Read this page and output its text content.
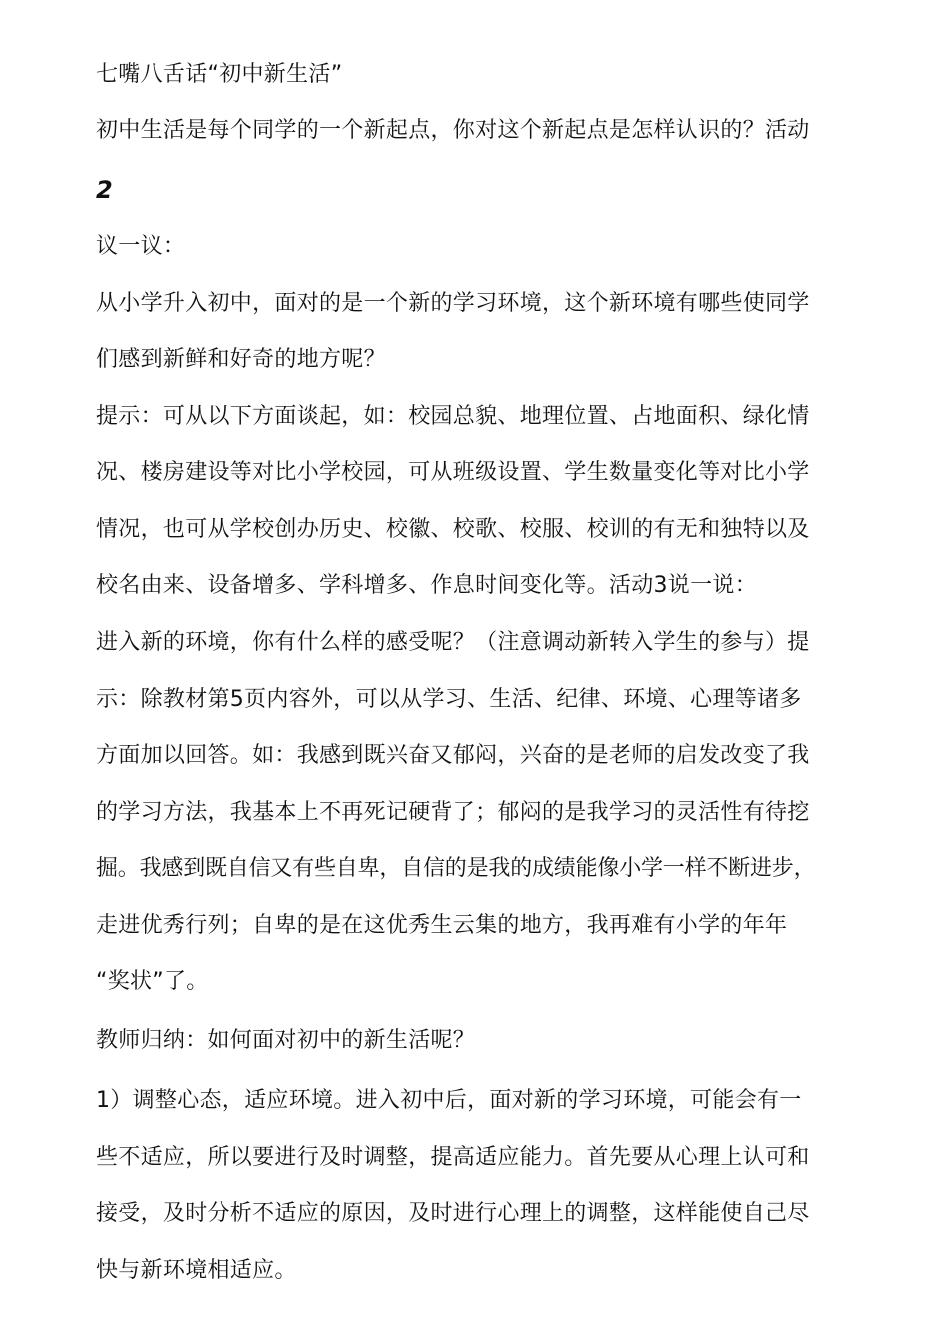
七嘴八舌话“初中新生活”
初中生活是每个同学的一个新起点，你对这个新起点是怎样认识的？活动
2
议一议：
从小学升入初中，面对的是一个新的学习环境，这个新环境有哪些使同学
们感到新鲜和好奇的地方呢？
提示：可从以下方面谈起，如：校园总貌、地理位置、占地面积、绿化情
况、楼房建设等对比小学校园，可从班级设置、学生数量变化等对比小学
情况，也可从学校创办历史、校徽、校歌、校服、校训的有无和独特以及
校名由来、设备增多、学科增多、作息时间变化等。活动3说一说：
进入新的环境，你有什么样的感受呢？（注意调动新转入学生的参与）提
示：除教材第5页内容外，可以从学习、生活、纪律、环境、心理等诸多
方面加以回答。如：我感到既兴奋又郁闷，兴奋的是老师的启发改变了我
的学习方法，我基本上不再死记硬背了；郁闷的是我学习的灵活性有待挖
掘。我感到既自信又有些自卑，自信的是我的成绩能像小学一样不断进步，
走进优秀行列；自卑的是在这优秀生云集的地方，我再难有小学的年年
“奖状”了。
教师归纳：如何面对初中的新生活呢？
1）调整心态，适应环境。进入初中后，面对新的学习环境，可能会有一
些不适应，所以要进行及时调整，提高适应能力。首先要从心理上认可和
接受，及时分析不适应的原因，及时进行心理上的调整，这样能使自己尽
快与新环境相适应。
